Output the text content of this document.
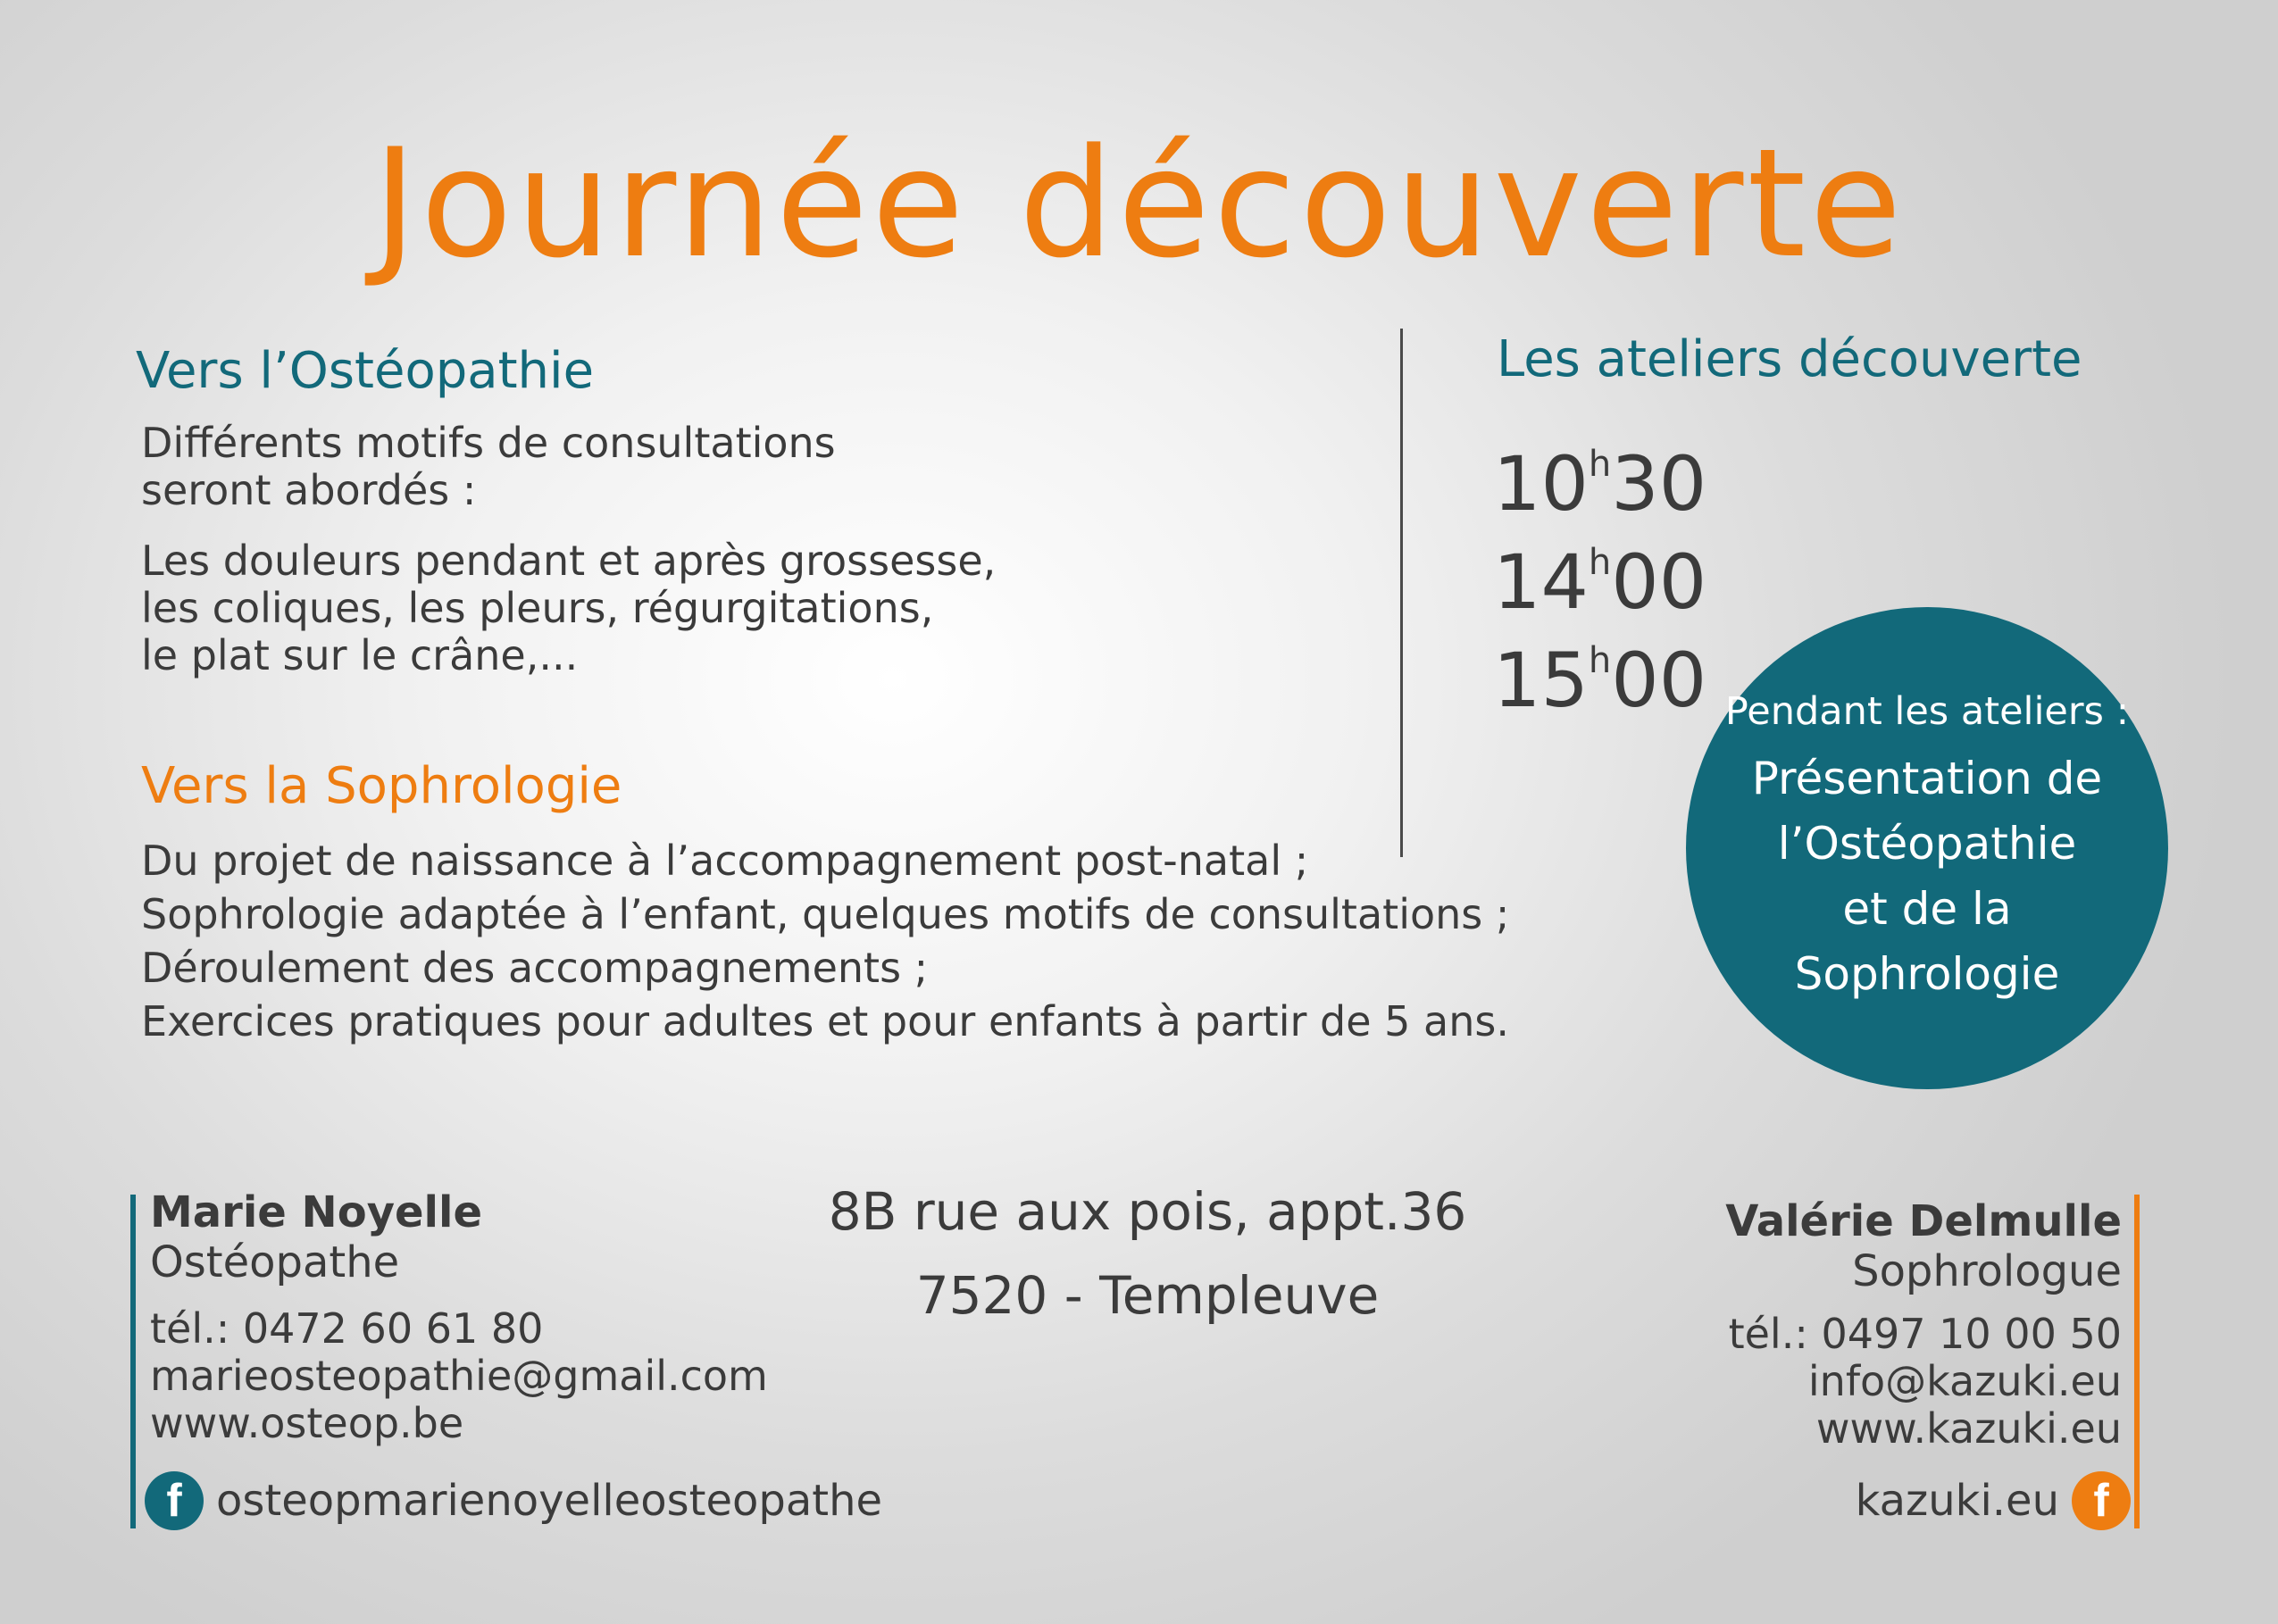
Journée découverte
Vers l’Ostéopathie
Différents motifs de consultations
seront abordés :
Les douleurs pendant et après grossesse,
les coliques, les pleurs, régurgitations,
le plat sur le crâne,...
Vers la Sophrologie
Du projet de naissance à l’accompagnement post-natal ;
Sophrologie adaptée à l’enfant, quelques motifs de consultations ;
Déroulement des accompagnements ;
Exercices pratiques pour adultes et pour enfants à partir de 5 ans.
Les ateliers découverte
10$^h$30
14$^h$00
15$^h$00 Pendant les ateliers :
Présentation de
l’Ostéopathie
et de la
Sophrologie
8B rue aux pois, appt.36
7520 - Templeuve
Marie Noyelle
Ostéopathe
tél.: 0472 60 61 80
marieosteopathie@gmail.com
www.osteop.be
f osteopmarienoyelleosteopathe
Valérie Delmulle
Sophrologue
tél.: 0497 10 00 50
info@kazuki.eu
www.kazuki.eu
kazuki.eu f
